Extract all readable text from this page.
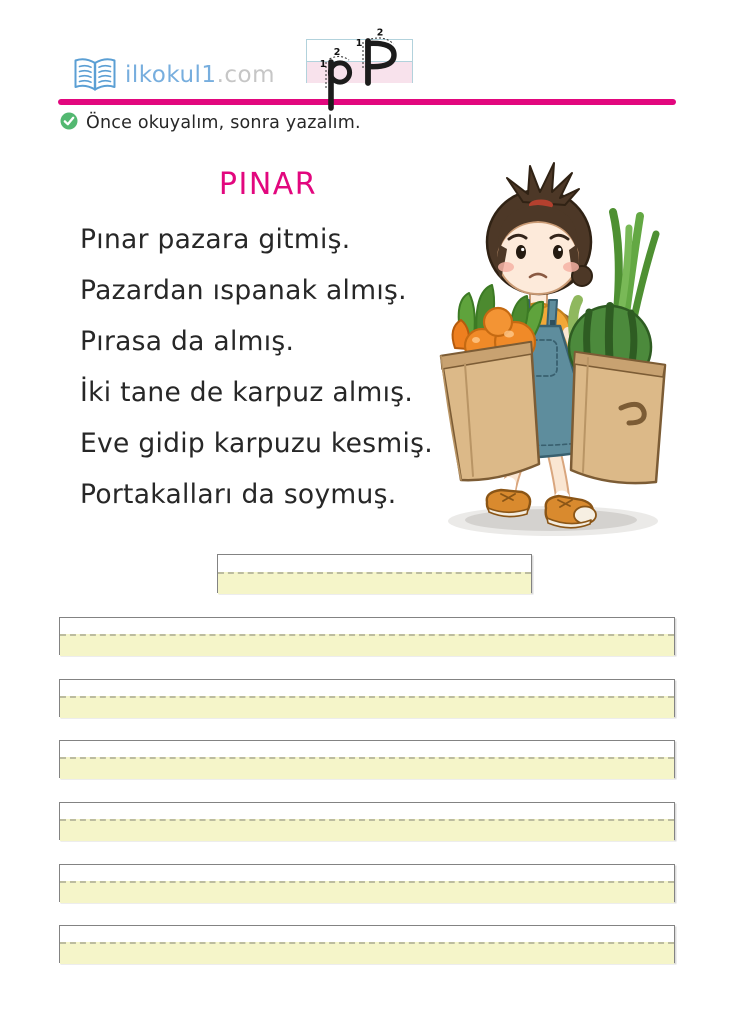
ilkokul1.com	1
2
1
2
Önce okuyalım, sonra yazalım.
PINAR
Pınar pazara gitmiş.
Pazardan ıspanak almış.
Pırasa da almış.
İki tane de karpuz almış.
Eve gidip karpuzu kesmiş.
Portakalları da soymuş.
